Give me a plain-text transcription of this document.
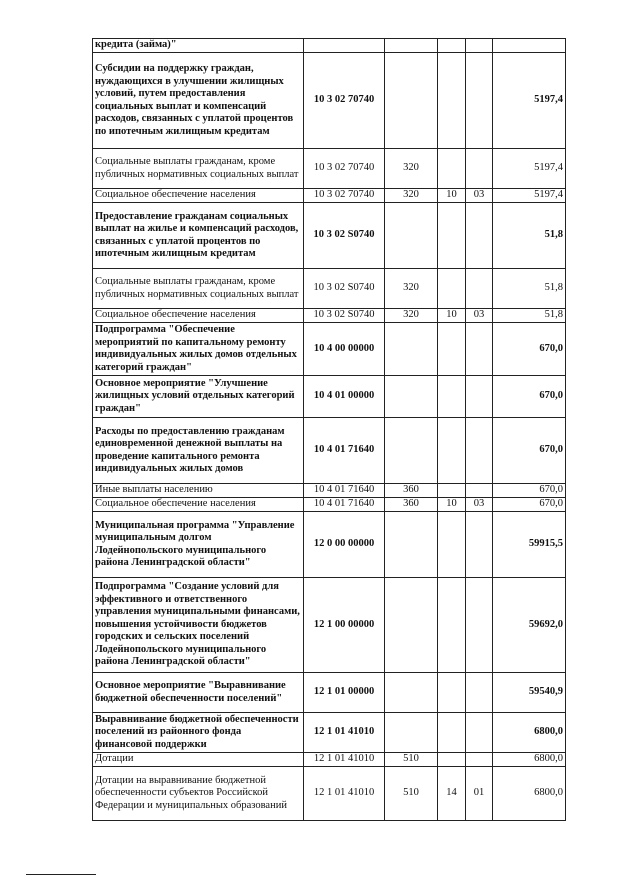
кредита (займа)"					
Субсидии на поддержку граждан, нуждающихся в улучшении жилищных условий, путем предоставления социальных выплат и компенсаций расходов, связанных с уплатой процентов по ипотечным жилищным кредитам	10 3 02 70740				5197,4
Социальные выплаты гражданам, кроме публичных нормативных социальных выплат	10 3 02 70740	320			5197,4
Социальное обеспечение населения	10 3 02 70740	320	10	03	5197,4
Предоставление гражданам социальных выплат на жилье и компенсаций расходов, связанных с уплатой процентов по ипотечным жилищным кредитам	10 3 02 S0740				51,8
Социальные выплаты гражданам, кроме публичных нормативных социальных выплат	10 3 02 S0740	320			51,8
Социальное обеспечение населения	10 3 02 S0740	320	10	03	51,8
Подпрограмма "Обеспечение мероприятий по капитальному ремонту индивидуальных жилых домов отдельных категорий граждан"	10 4 00 00000				670,0
Основное мероприятие "Улучшение жилищных условий отдельных категорий граждан"	10 4 01 00000				670,0
Расходы по предоставлению гражданам единовременной денежной выплаты на проведение капитального ремонта индивидуальных жилых домов	10 4 01 71640				670,0
Иные выплаты населению	10 4 01 71640	360			670,0
Социальное обеспечение населения	10 4 01 71640	360	10	03	670,0
Муниципальная программа "Управление муниципальным долгом Лодейнопольского муниципального района Ленинградской области"	12 0 00 00000				59915,5
Подпрограмма "Создание условий для эффективного и ответственного управления муниципальными финансами, повышения устойчивости бюджетов городских и сельских поселений Лодейнопольского муниципального района Ленинградской области"	12 1 00 00000				59692,0
Основное мероприятие "Выравнивание бюджетной обеспеченности поселений"	12 1 01 00000				59540,9
Выравнивание бюджетной обеспеченности поселений из районного фонда финансовой поддержки	12 1 01 41010				6800,0
Дотации	12 1 01 41010	510			6800,0
Дотации на выравнивание бюджетной обеспеченности субъектов Российской Федерации и муниципальных образований	12 1 01 41010	510	14	01	6800,0
